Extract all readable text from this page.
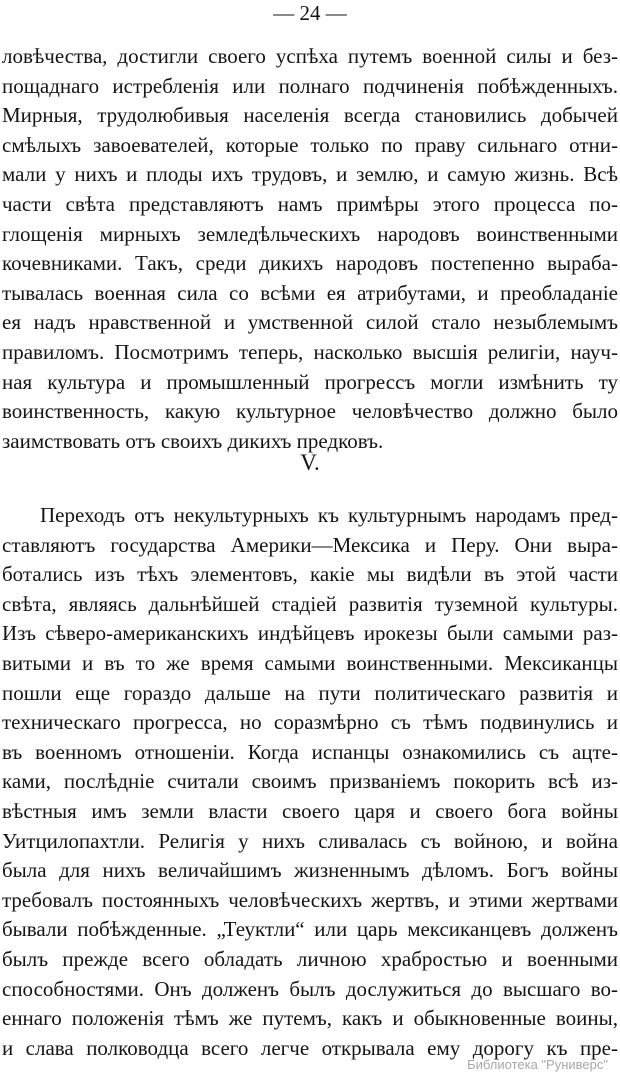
— 24 —
ловѣчества, достигли своего успѣха путемъ военной силы и без-
пощаднаго истребленія или полнаго подчиненія побѣжденныхъ.
Мирныя, трудолюбивыя населенія всегда становились добычей
смѣлыхъ завоевателей, которые только по праву сильнаго отни-
мали у нихъ и плоды ихъ трудовъ, и землю, и самую жизнь. Всѣ
части свѣта представляютъ намъ примѣры этого процесса по-
глощенія мирныхъ земледѣльческихъ народовъ воинственными
кочевниками. Такъ, среди дикихъ народовъ постепенно выраба-
тывалась военная сила со всѣми ея атрибутами, и преобладаніе
ея надъ нравственной и умственной силой стало незыблемымъ
правиломъ. Посмотримъ теперь, насколько высшія религіи, науч-
ная культура и промышленный прогрессъ могли измѣнить ту
воинственность, какую культурное человѣчество должно было
заимствовать отъ своихъ дикихъ предковъ.
V.
Переходъ отъ некультурныхъ къ культурнымъ народамъ пред-
ставляютъ государства Америки—Мексика и Перу. Они выра-
ботались изъ тѣхъ элементовъ, какіе мы видѣли въ этой части
свѣта, являясь дальнѣйшей стадіей развитія туземной культуры.
Изъ сѣверо-американскихъ индѣйцевъ ирокезы были самыми раз-
витыми и въ то же время самыми воинственными. Мексиканцы
пошли еще гораздо дальше на пути политическаго развитія и
техническаго прогресса, но соразмѣрно съ тѣмъ подвинулись и
въ военномъ отношеніи. Когда испанцы ознакомились съ ацте-
ками, послѣдніе считали своимъ призваніемъ покорить всѣ из-
вѣстныя имъ земли власти своего царя и своего бога войны
Уитцилопахтли. Религія у нихъ сливалась съ войною, и война
была для нихъ величайшимъ жизненнымъ дѣломъ. Богъ войны
требовалъ постоянныхъ человѣческихъ жертвъ, и этими жертвами
бывали побѣжденные. „Теуктли“ или царь мексиканцевъ долженъ
былъ прежде всего обладать личною храбростью и военными
способностями. Онъ долженъ былъ дослужиться до высшаго во-
еннаго положенія тѣмъ же путемъ, какъ и обыкновенные воины,
и слава полководца всего легче открывала ему дорогу къ пре-
Библиотека "Руниверс"
